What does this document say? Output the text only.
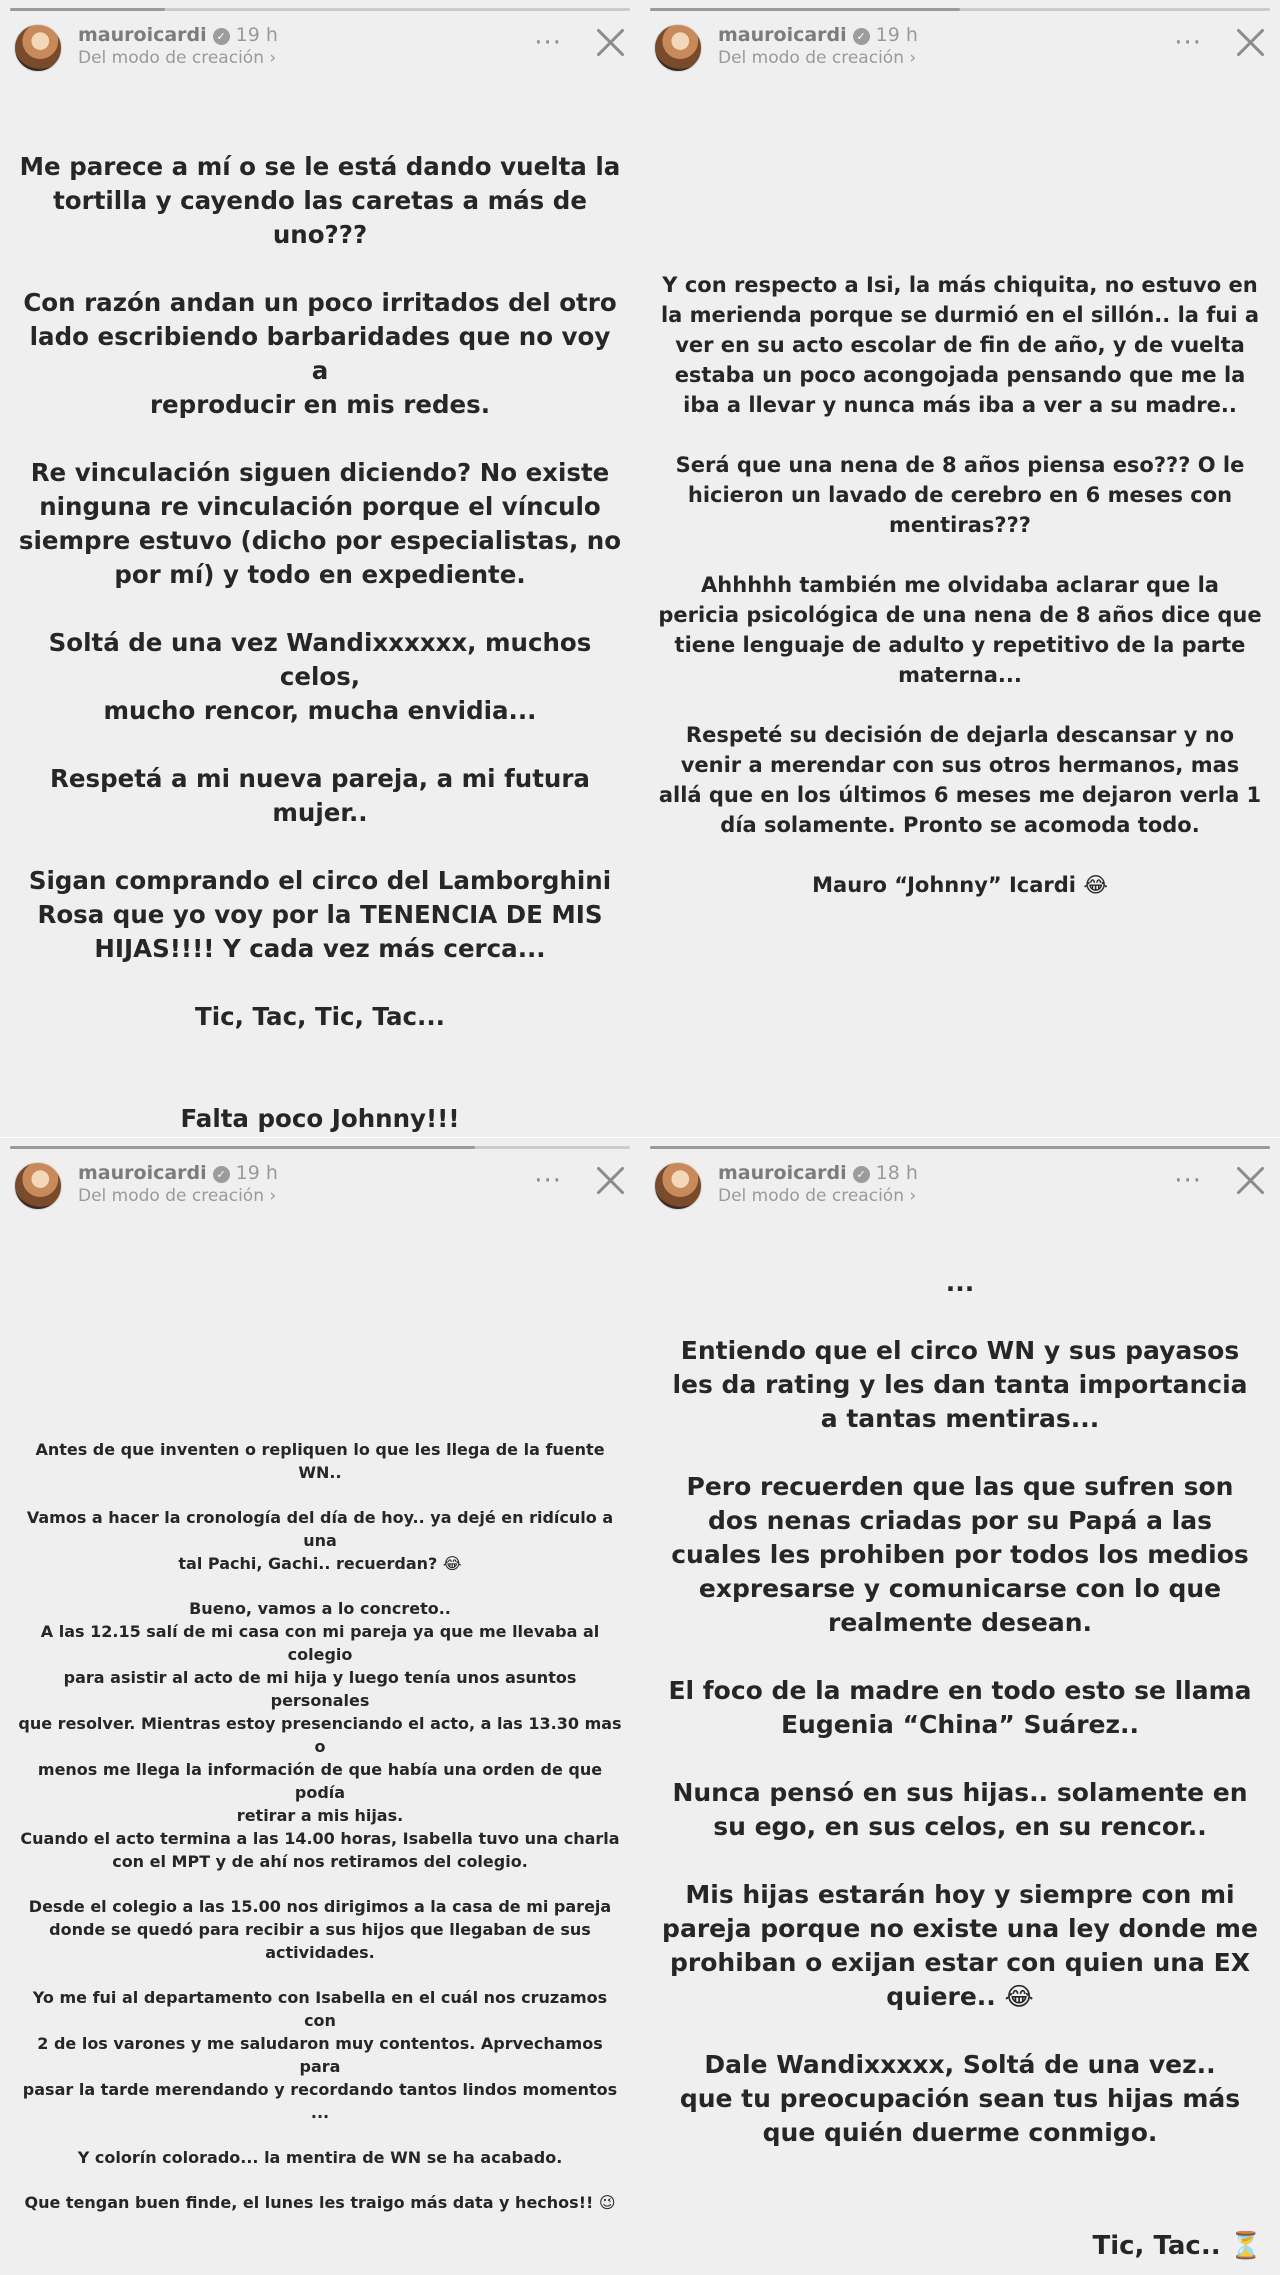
mauroicardi ✓ 19 h
Del modo de creación ›	···

Me parece a mí o se le está dando vuelta la

tortilla y cayendo las caretas a más de uno???

Con razón andan un poco irritados del otro

lado escribiendo barbaridades que no voy a

reproducir en mis redes.

Re vinculación siguen diciendo? No existe

ninguna re vinculación porque el vínculo

siempre estuvo (dicho por especialistas, no

por mí) y todo en expediente.

Soltá de una vez Wandixxxxxx, muchos celos,

mucho rencor, mucha envidia...

Respetá a mi nueva pareja, a mi futura mujer..

Sigan comprando el circo del Lamborghini

Rosa que yo voy por la TENENCIA DE MIS

HIJAS!!!! Y cada vez más cerca...

Tic, Tac, Tic, Tac...

Falta poco Johnny!!!

mauroicardi ✓ 19 h
Del modo de creación ›	···

Y con respecto a Isi, la más chiquita, no estuvo en

la merienda porque se durmió en el sillón.. la fui a

ver en su acto escolar de fin de año, y de vuelta

estaba un poco acongojada pensando que me la

iba a llevar y nunca más iba a ver a su madre..

Será que una nena de 8 años piensa eso??? O le

hicieron un lavado de cerebro en 6 meses con

mentiras???

Ahhhhh también me olvidaba aclarar que la

pericia psicológica de una nena de 8 años dice que

tiene lenguaje de adulto y repetitivo de la parte

materna...

Respeté su decisión de dejarla descansar y no

venir a merendar con sus otros hermanos, mas

allá que en los últimos 6 meses me dejaron verla 1

día solamente. Pronto se acomoda todo.

Mauro “Johnny” Icardi 😂

mauroicardi ✓ 19 h
Del modo de creación ›	···

Antes de que inventen o repliquen lo que les llega de la fuente WN..

Vamos a hacer la cronología del día de hoy.. ya dejé en ridículo a una

tal Pachi, Gachi.. recuerdan? 😂

Bueno, vamos a lo concreto..

A las 12.15 salí de mi casa con mi pareja ya que me llevaba al colegio

para asistir al acto de mi hija y luego tenía unos asuntos personales

que resolver. Mientras estoy presenciando el acto, a las 13.30 mas o

menos me llega la información de que había una orden de que podía

retirar a mis hijas.

Cuando el acto termina a las 14.00 horas, Isabella tuvo una charla

con el MPT y de ahí nos retiramos del colegio.

Desde el colegio a las 15.00 nos dirigimos a la casa de mi pareja

donde se quedó para recibir a sus hijos que llegaban de sus

actividades.

Yo me fui al departamento con Isabella en el cuál nos cruzamos con

2 de los varones y me saludaron muy contentos. Aprvechamos para

pasar la tarde merendando y recordando tantos lindos momentos ...

Y colorín colorado... la mentira de WN se ha acabado.

Que tengan buen finde, el lunes les traigo más data y hechos!! 😉

mauroicardi ✓ 18 h
Del modo de creación ›	···

...

Entiendo que el circo WN y sus payasos

les da rating y les dan tanta importancia

a tantas mentiras...

Pero recuerden que las que sufren son

dos nenas criadas por su Papá a las

cuales les prohiben por todos los medios

expresarse y comunicarse con lo que

realmente desean.

El foco de la madre en todo esto se llama

Eugenia “China” Suárez..

Nunca pensó en sus hijas.. solamente en

su ego, en sus celos, en su rencor..

Mis hijas estarán hoy y siempre con mi

pareja porque no existe una ley donde me

prohiban o exijan estar con quien una EX

quiere.. 😂

Dale Wandixxxxx, Soltá de una vez..

que tu preocupación sean tus hijas más

que quién duerme conmigo.

Tic, Tac.. ⏳
